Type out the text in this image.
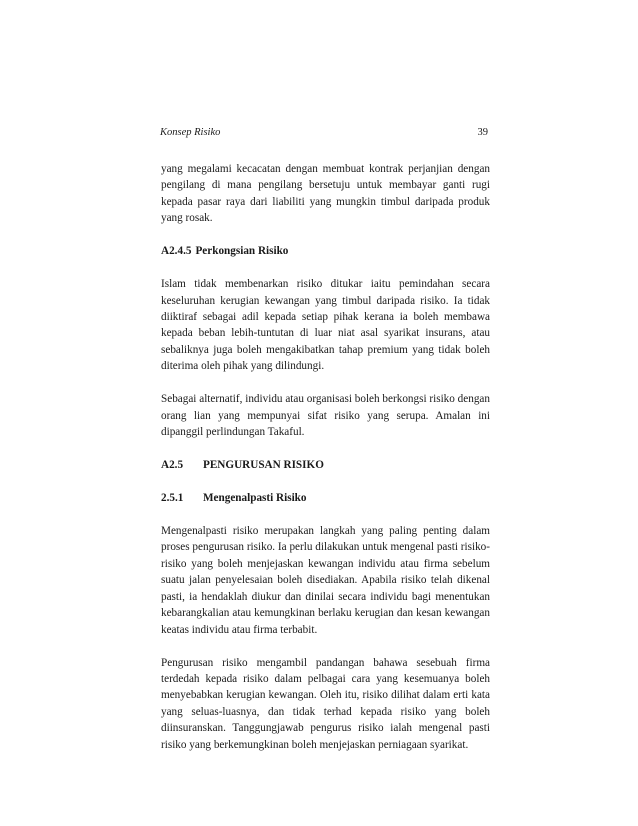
Konsep Risiko	39

yang megalami kecacatan dengan membuat kontrak perjanjian dengan pengilang di mana pengilang bersetuju untuk membayar ganti rugi kepada pasar raya dari liabiliti yang mungkin timbul daripada produk yang rosak.

A2.4.5 Perkongsian Risiko

Islam tidak membenarkan risiko ditukar iaitu pemindahan secara keseluruhan kerugian kewangan yang timbul daripada risiko. Ia tidak diiktiraf sebagai adil kepada setiap pihak kerana ia boleh membawa kepada beban lebih-tuntutan di luar niat asal syarikat insurans, atau sebaliknya juga boleh mengakibatkan tahap premium yang tidak boleh diterima oleh pihak yang dilindungi.

Sebagai alternatif, individu atau organisasi boleh berkongsi risiko dengan orang lian yang mempunyai sifat risiko yang serupa. Amalan ini dipanggil perlindungan Takaful.

A2.5 PENGURUSAN RISIKO
2.5.1 Mengenalpasti Risiko

Mengenalpasti risiko merupakan langkah yang paling penting dalam proses pengurusan risiko. Ia perlu dilakukan untuk mengenal pasti risiko-risiko yang boleh menjejaskan kewangan individu atau firma sebelum suatu jalan penyelesaian boleh disediakan. Apabila risiko telah dikenal pasti, ia hendaklah diukur dan dinilai secara individu bagi menentukan kebarangkalian atau kemungkinan berlaku kerugian dan kesan kewangan keatas individu atau firma terbabit.

Pengurusan risiko mengambil pandangan bahawa sesebuah firma terdedah kepada risiko dalam pelbagai cara yang kesemuanya boleh menyebabkan kerugian kewangan. Oleh itu, risiko dilihat dalam erti kata yang seluas-luasnya, dan tidak terhad kepada risiko yang boleh diinsuranskan. Tanggungjawab pengurus risiko ialah mengenal pasti risiko yang berkemungkinan boleh menjejaskan perniagaan syarikat.
